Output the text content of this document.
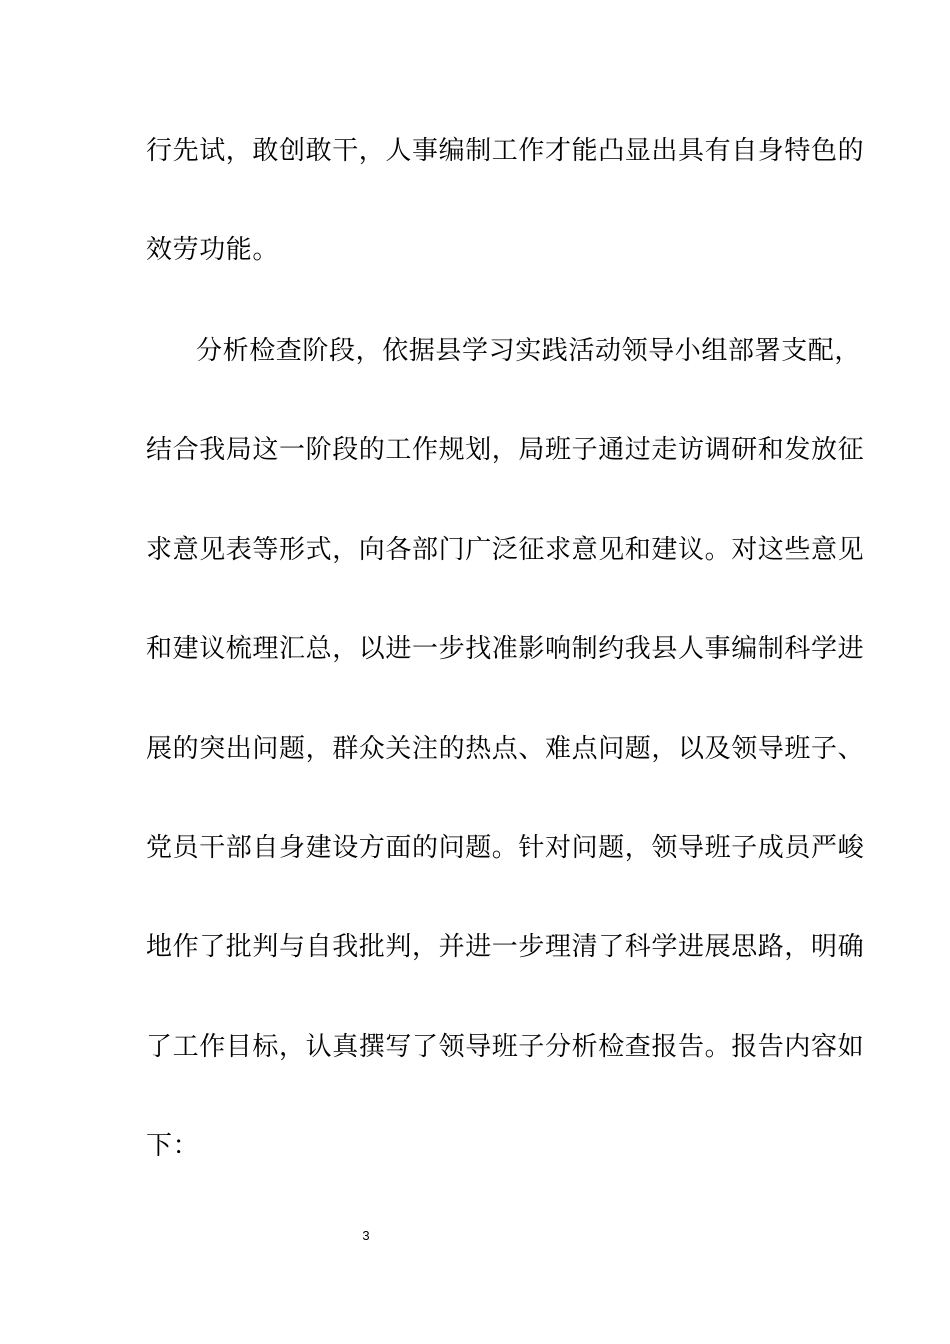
行先试，敢创敢干，人事编制工作才能凸显出具有自身特色的
效劳功能。
分析检查阶段，依据县学习实践活动领导小组部署支配，
结合我局这一阶段的工作规划，局班子通过走访调研和发放征
求意见表等形式，向各部门广泛征求意见和建议。对这些意见
和建议梳理汇总，以进一步找准影响制约我县人事编制科学进
展的突出问题，群众关注的热点、难点问题，以及领导班子、
党员干部自身建设方面的问题。针对问题，领导班子成员严峻
地作了批判与自我批判，并进一步理清了科学进展思路，明确
了工作目标，认真撰写了领导班子分析检查报告。报告内容如
下：
3
